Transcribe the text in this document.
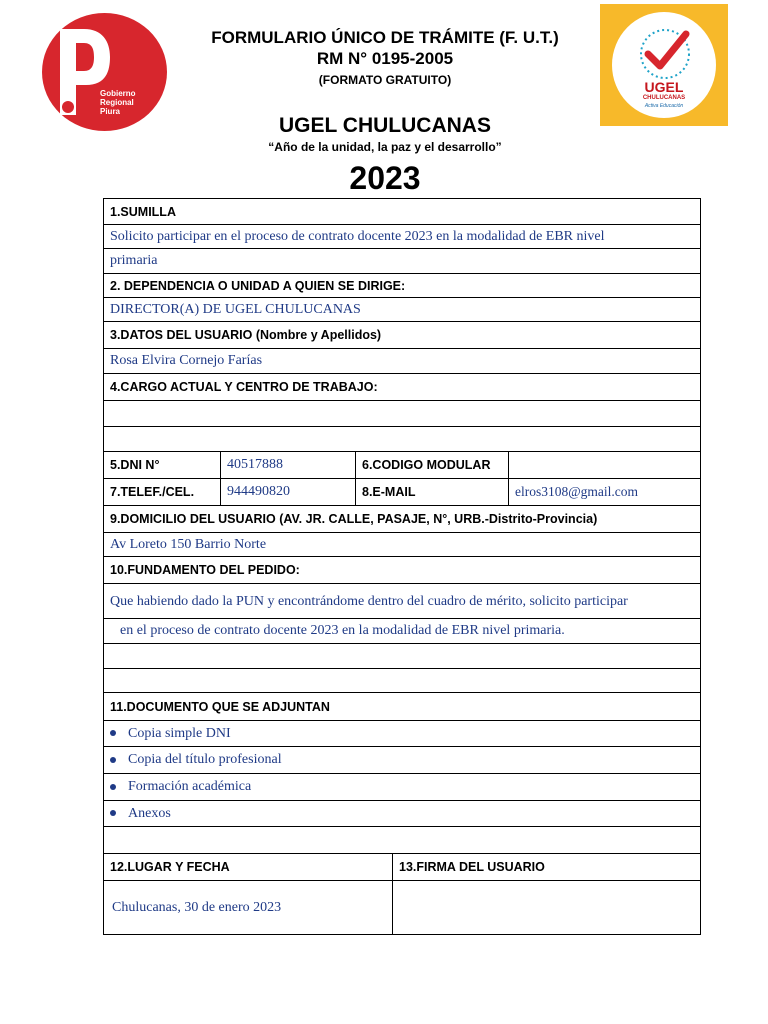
Gobierno
Regional
Piura
UGEL
CHULUCANAS
Activa Educación
FORMULARIO ÚNICO DE TRÁMITE (F. U.T.)
RM N° 0195-2005
(FORMATO GRATUITO)
UGEL CHULUCANAS
“Año de la unidad, la paz y el desarrollo”
2023
1.SUMILLA				
Solicito participar en el proceso de contrato docente 2023 en la modalidad de EBR nivel				
primaria				
2. DEPENDENCIA O UNIDAD A QUIEN SE DIRIGE:				
DIRECTOR(A) DE UGEL CHULUCANAS				
3.DATOS DEL USUARIO (Nombre y Apellidos)				
Rosa Elvira Cornejo Farías				
4.CARGO ACTUAL Y CENTRO DE TRABAJO:				

5.DNI N°	40517888	6.CODIGO MODULAR		
7.TELEF./CEL.	944490820	8.E-MAIL		elros3108@gmail.com
9.DOMICILIO DEL USUARIO (AV. JR. CALLE, PASAJE, N°, URB.-Distrito-Provincia)				
Av Loreto 150 Barrio Norte				
10.FUNDAMENTO DEL PEDIDO:				
Que habiendo dado la PUN y encontrándome dentro del cuadro de mérito, solicito participar				
en el proceso de contrato docente 2023 en la modalidad de EBR nivel primaria.				

11.DOCUMENTO QUE SE ADJUNTAN				
Copia simple DNI				
Copia del título profesional				
Formación académica				
Anexos				

12.LUGAR Y FECHA			13.FIRMA DEL USUARIO	
Chulucanas, 30 de enero 2023				
